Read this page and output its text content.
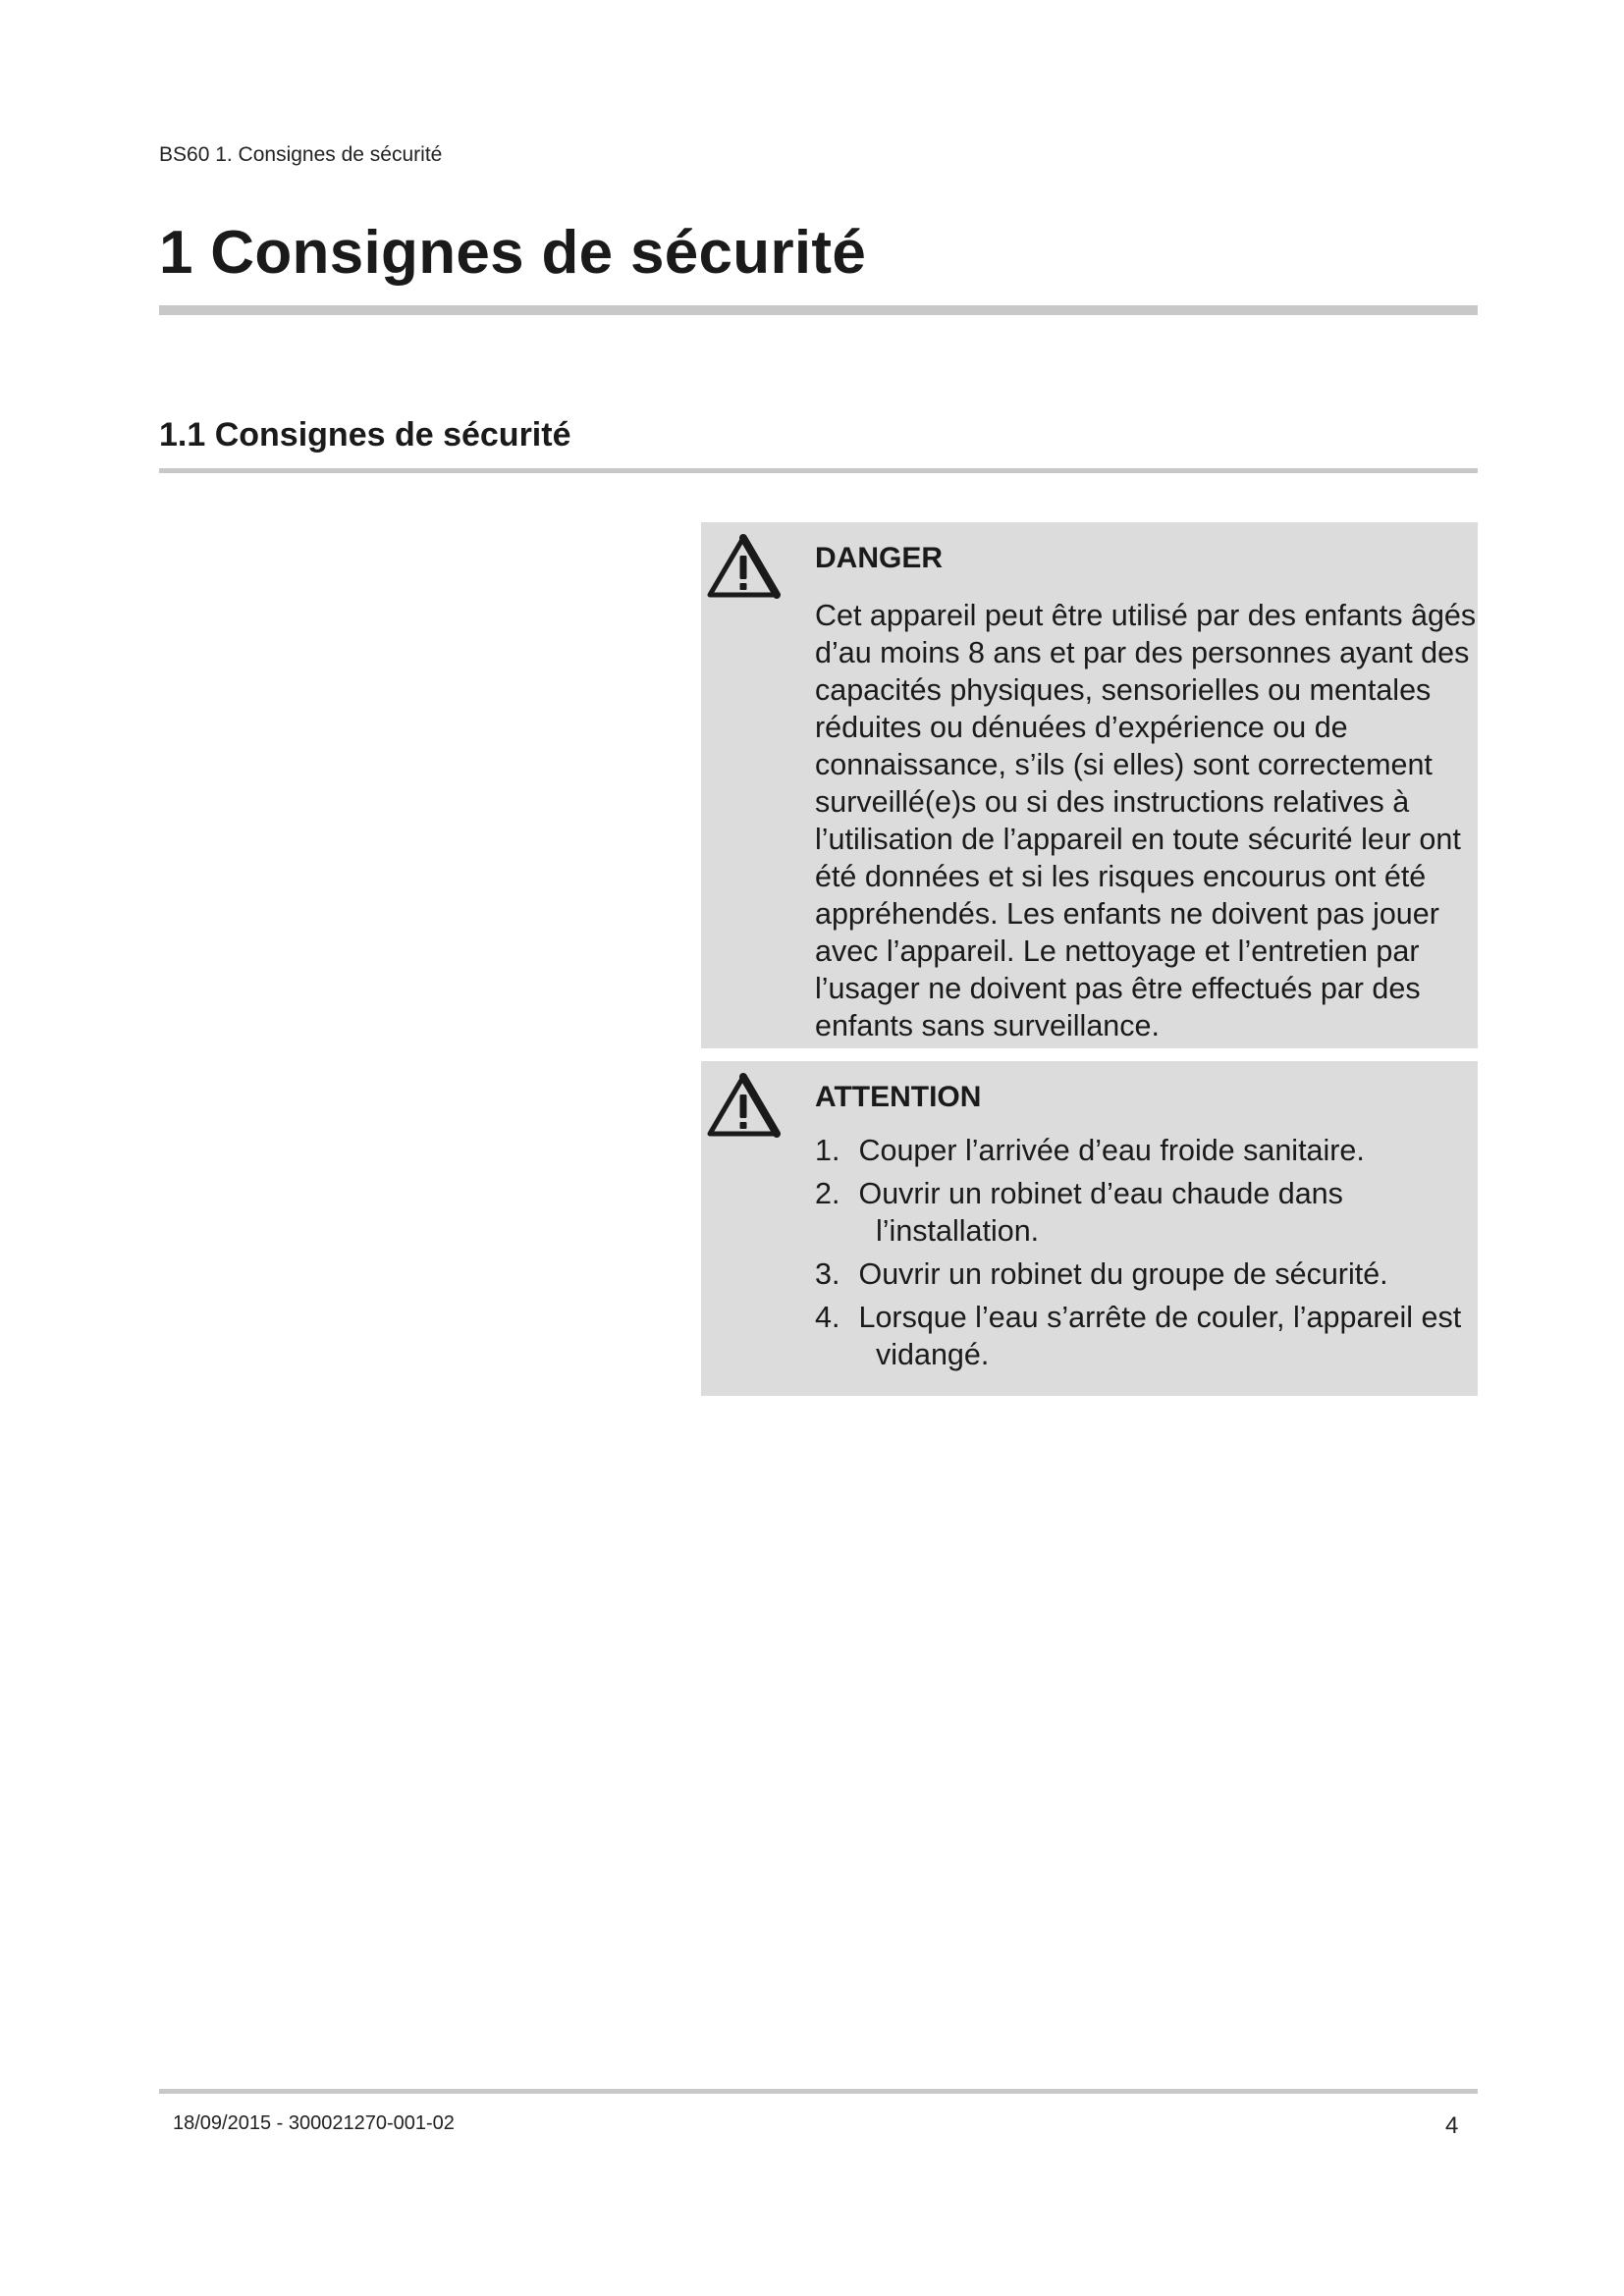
BS60 1. Consignes de sécurité
1 Consignes de sécurité
1.1 Consignes de sécurité
DANGER

Cet appareil peut être utilisé par des enfants âgés d’au moins 8 ans et par des personnes ayant des capacités physiques, sensorielles ou mentales réduites ou dénuées d’expérience ou de connaissance, s’ils (si elles) sont correctement surveillé(e)s ou si des instructions relatives à l’utilisation de l’appareil en toute sécurité leur ont été données et si les risques encourus ont été appréhendés. Les enfants ne doivent pas jouer avec l’appareil. Le nettoyage et l’entretien par l’usager ne doivent pas être effectués par des enfants sans surveillance.

ATTENTION
1. Couper l’arrivée d’eau froide sanitaire.
2. Ouvrir un robinet d’eau chaude dans l’installation.
3. Ouvrir un robinet du groupe de sécurité.
4. Lorsque l’eau s’arrête de couler, l’appareil est vidangé.
18/09/2015 - 300021270-001-02	4
